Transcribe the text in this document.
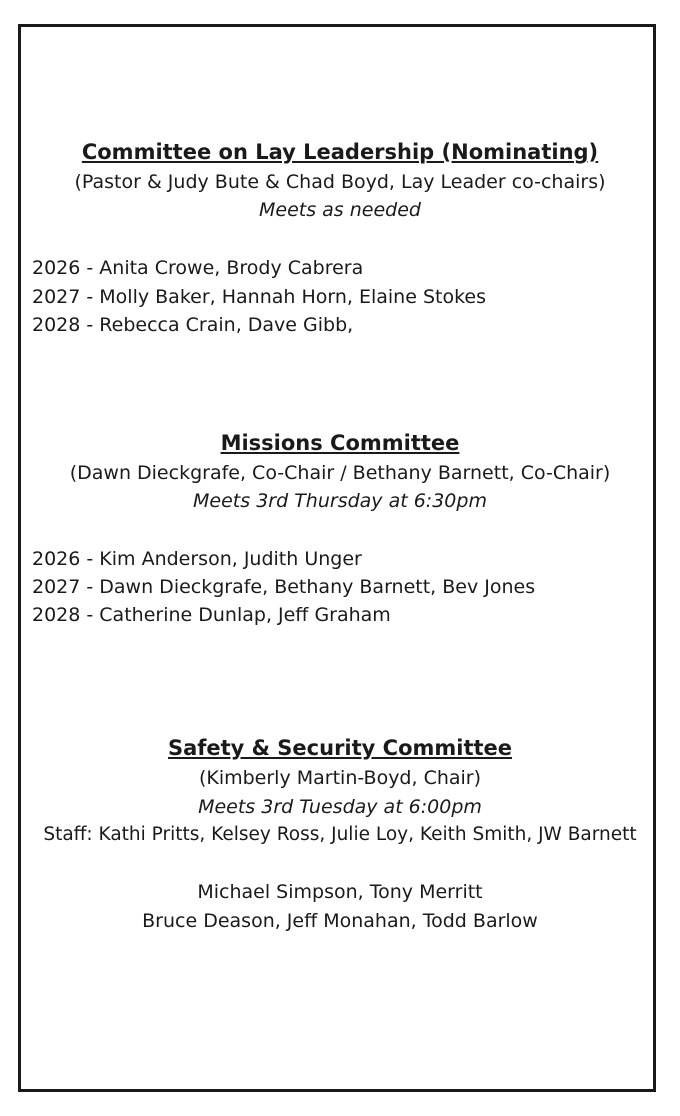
Committee on Lay Leadership (Nominating)
(Pastor & Judy Bute & Chad Boyd, Lay Leader co-chairs)
Meets as needed
2026 - Anita Crowe, Brody Cabrera
2027 - Molly Baker, Hannah Horn, Elaine Stokes
2028 - Rebecca Crain, Dave Gibb,
Missions Committee
(Dawn Dieckgrafe, Co-Chair / Bethany Barnett, Co-Chair)
Meets 3rd Thursday at 6:30pm
2026 - Kim Anderson, Judith Unger
2027 - Dawn Dieckgrafe, Bethany Barnett, Bev Jones
2028 - Catherine Dunlap, Jeff Graham
Safety & Security Committee
(Kimberly Martin-Boyd, Chair)
Meets 3rd Tuesday at 6:00pm
Staff: Kathi Pritts, Kelsey Ross, Julie Loy, Keith Smith, JW Barnett
Michael Simpson, Tony Merritt
Bruce Deason, Jeff Monahan, Todd Barlow
